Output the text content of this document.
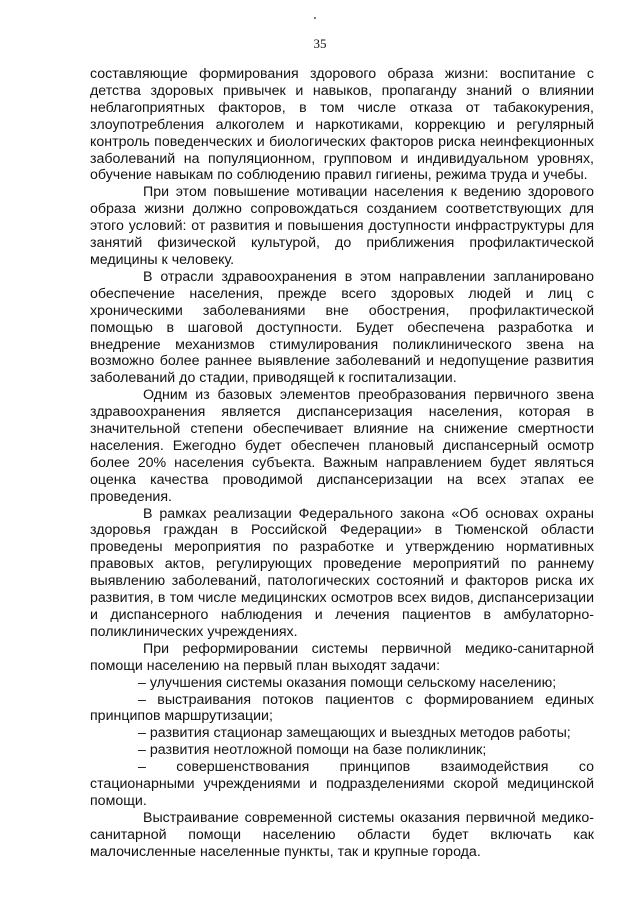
35

составляющие формирования здорового образа жизни: воспитание с детства здоровых привычек и навыков, пропаганду знаний о влиянии неблагоприятных факторов, в том числе отказа от табакокурения, злоупотребления алкоголем и наркотиками, коррекцию и регулярный контроль поведенческих и биологических факторов риска неинфекционных заболеваний на популяционном, групповом и индивидуальном уровнях, обучение навыкам по соблюдению правил гигиены, режима труда и учебы.

При этом повышение мотивации населения к ведению здорового образа жизни должно сопровождаться созданием соответствующих для этого условий: от развития и повышения доступности инфраструктуры для занятий физической культурой, до приближения профилактической медицины к человеку.

В отрасли здравоохранения в этом направлении запланировано обеспечение населения, прежде всего здоровых людей и лиц с хроническими заболеваниями вне обострения, профилактической помощью в шаговой доступности. Будет обеспечена разработка и внедрение механизмов стимулирования поликлинического звена на возможно более раннее выявление заболеваний и недопущение развития заболеваний до стадии, приводящей к госпитализации.

Одним из базовых элементов преобразования первичного звена здравоохранения является диспансеризация населения, которая в значительной степени обеспечивает влияние на снижение смертности населения. Ежегодно будет обеспечен плановый диспансерный осмотр более 20% населения субъекта. Важным направлением будет являться оценка качества проводимой диспансеризации на всех этапах ее проведения.

В рамках реализации Федерального закона «Об основах охраны здоровья граждан в Российской Федерации» в Тюменской области проведены мероприятия по разработке и утверждению нормативных правовых актов, регулирующих проведение мероприятий по раннему выявлению заболеваний, патологических состояний и факторов риска их развития, в том числе медицинских осмотров всех видов, диспансеризации и диспансерного наблюдения и лечения пациентов в амбулаторно-поликлинических учреждениях.

При реформировании системы первичной медико-санитарной помощи населению на первый план выходят задачи:

– улучшения системы оказания помощи сельскому населению;

– выстраивания потоков пациентов с формированием единых принципов маршрутизации;

– развития стационар замещающих и выездных методов работы;

– развития неотложной помощи на базе поликлиник;

– совершенствования принципов взаимодействия со стационарными учреждениями и подразделениями скорой медицинской помощи.

Выстраивание современной системы оказания первичной медико-санитарной помощи населению области будет включать как малочисленные населенные пункты, так и крупные города.
